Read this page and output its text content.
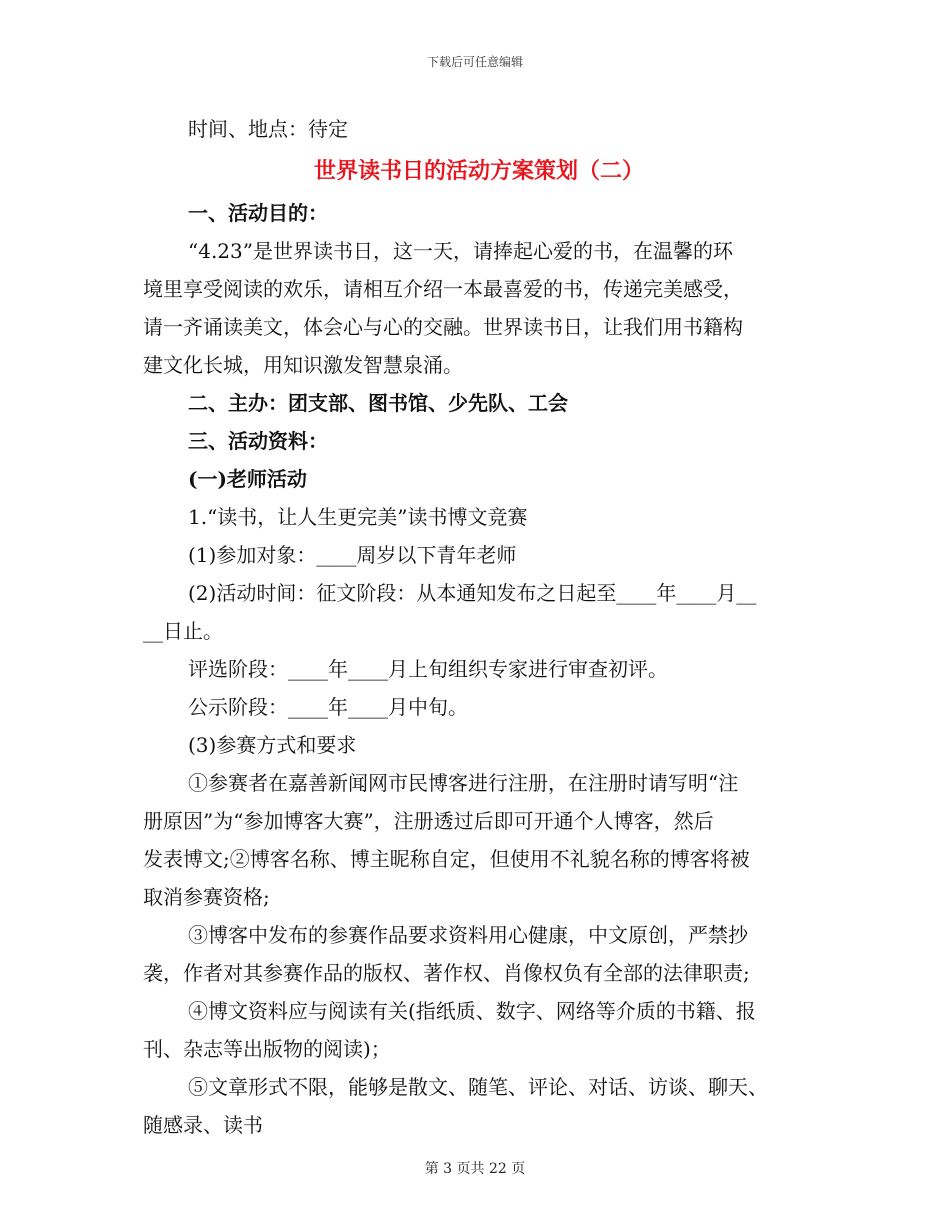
下载后可任意编辑

时间、地点：待定

世界读书日的活动方案策划（二）

一、活动目的：

“4.23”是世界读书日，这一天，请捧起心爱的书，在温馨的环

境里享受阅读的欢乐，请相互介绍一本最喜爱的书，传递完美感受，

请一齐诵读美文，体会心与心的交融。世界读书日，让我们用书籍构

建文化长城，用知识激发智慧泉涌。

二、主办：团支部、图书馆、少先队、工会

三、活动资料：

(一)老师活动

1.“读书，让人生更完美”读书博文竞赛

(1)参加对象：____周岁以下青年老师

(2)活动时间：征文阶段：从本通知发布之日起至____年____月__

__日止。

评选阶段：____年____月上旬组织专家进行审查初评。

公示阶段：____年____月中旬。

(3)参赛方式和要求

①参赛者在嘉善新闻网市民博客进行注册，在注册时请写明“注

册原因”为“参加博客大赛”，注册透过后即可开通个人博客，然后

发表博文;②博客名称、博主昵称自定，但使用不礼貌名称的博客将被

取消参赛资格;

③博客中发布的参赛作品要求资料用心健康，中文原创，严禁抄

袭，作者对其参赛作品的版权、著作权、肖像权负有全部的法律职责;

④博文资料应与阅读有关(指纸质、数字、网络等介质的书籍、报

刊、杂志等出版物的阅读)；

⑤文章形式不限，能够是散文、随笔、评论、对话、访谈、聊天、

随感录、读书

第 3 页共 22 页
